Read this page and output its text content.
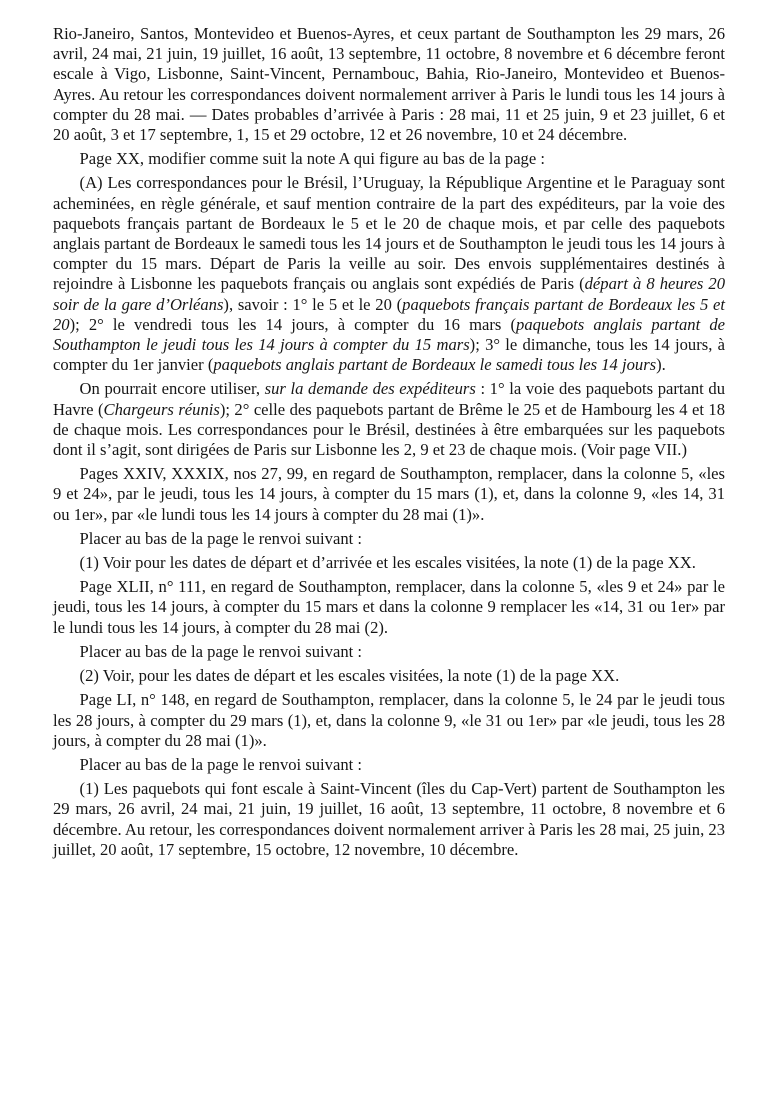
Rio-Janeiro, Santos, Montevideo et Buenos-Ayres, et ceux partant de Southampton les 29 mars, 26 avril, 24 mai, 21 juin, 19 juillet, 16 août, 13 septembre, 11 octobre, 8 novembre et 6 décembre feront escale à Vigo, Lisbonne, Saint-Vincent, Pernambouc, Bahia, Rio-Janeiro, Montevideo et Buenos-Ayres. Au retour les correspondances doivent normalement arriver à Paris le lundi tous les 14 jours à compter du 28 mai. — Dates probables d’arrivée à Paris : 28 mai, 11 et 25 juin, 9 et 23 juillet, 6 et 20 août, 3 et 17 septembre, 1, 15 et 29 octobre, 12 et 26 novembre, 10 et 24 décembre.

Page XX, modifier comme suit la note A qui figure au bas de la page :

(A) Les correspondances pour le Brésil, l’Uruguay, la République Argentine et le Paraguay sont acheminées, en règle générale, et sauf mention contraire de la part des expéditeurs, par la voie des paquebots français partant de Bordeaux le 5 et le 20 de chaque mois, et par celle des paquebots anglais partant de Bordeaux le samedi tous les 14 jours et de Southampton le jeudi tous les 14 jours à compter du 15 mars. Départ de Paris la veille au soir. Des envois supplémentaires destinés à rejoindre à Lisbonne les paquebots français ou anglais sont expédiés de Paris (départ à 8 heures 20 soir de la gare d’Orléans), savoir : 1° le 5 et le 20 (paquebots français partant de Bordeaux les 5 et 20); 2° le vendredi tous les 14 jours, à compter du 16 mars (paquebots anglais partant de Southampton le jeudi tous les 14 jours à compter du 15 mars); 3° le dimanche, tous les 14 jours, à compter du 1er janvier (paquebots anglais partant de Bordeaux le samedi tous les 14 jours).

On pourrait encore utiliser, sur la demande des expéditeurs : 1° la voie des paquebots partant du Havre (Chargeurs réunis); 2° celle des paquebots partant de Brême le 25 et de Hambourg les 4 et 18 de chaque mois. Les correspondances pour le Brésil, destinées à être embarquées sur les paquebots dont il s’agit, sont dirigées de Paris sur Lisbonne les 2, 9 et 23 de chaque mois. (Voir page VII.)

Pages XXIV, XXXIX, nos 27, 99, en regard de Southampton, remplacer, dans la colonne 5, «les 9 et 24», par le jeudi, tous les 14 jours, à compter du 15 mars (1), et, dans la colonne 9, «les 14, 31 ou 1er», par «le lundi tous les 14 jours à compter du 28 mai (1)».

Placer au bas de la page le renvoi suivant :

(1) Voir pour les dates de départ et d’arrivée et les escales visitées, la note (1) de la page XX.

Page XLII, n° 111, en regard de Southampton, remplacer, dans la colonne 5, «les 9 et 24» par le jeudi, tous les 14 jours, à compter du 15 mars et dans la colonne 9 remplacer les «14, 31 ou 1er» par le lundi tous les 14 jours, à compter du 28 mai (2).

Placer au bas de la page le renvoi suivant :

(2) Voir, pour les dates de départ et les escales visitées, la note (1) de la page XX.

Page LI, n° 148, en regard de Southampton, remplacer, dans la colonne 5, le 24 par le jeudi tous les 28 jours, à compter du 29 mars (1), et, dans la colonne 9, «le 31 ou 1er» par «le jeudi, tous les 28 jours, à compter du 28 mai (1)».

Placer au bas de la page le renvoi suivant :

(1) Les paquebots qui font escale à Saint-Vincent (îles du Cap-Vert) partent de Southampton les 29 mars, 26 avril, 24 mai, 21 juin, 19 juillet, 16 août, 13 septembre, 11 octobre, 8 novembre et 6 décembre. Au retour, les correspondances doivent normalement arriver à Paris les 28 mai, 25 juin, 23 juillet, 20 août, 17 septembre, 15 octobre, 12 novembre, 10 décembre.
